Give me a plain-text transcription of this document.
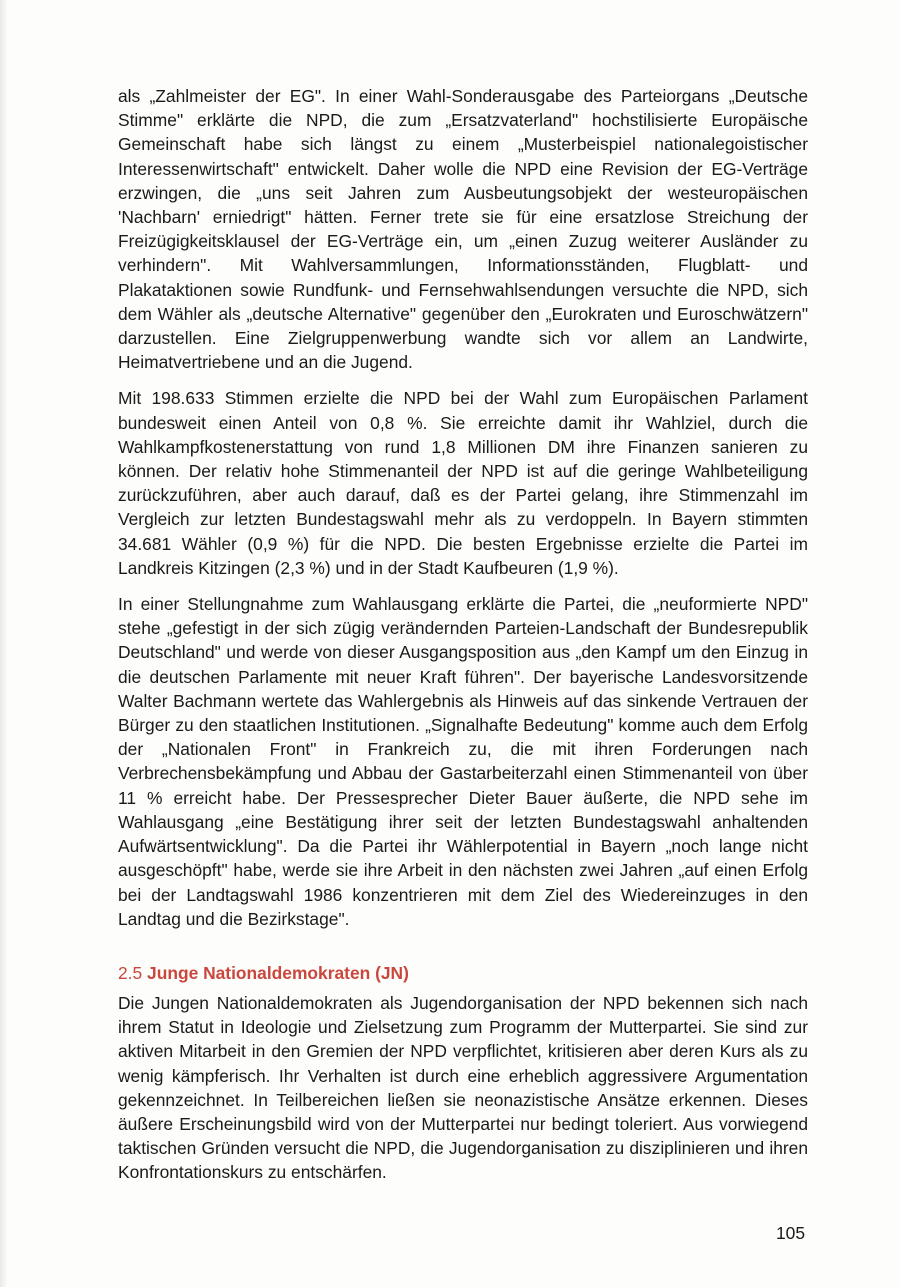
als „Zahlmeister der EG". In einer Wahl-Sonderausgabe des Parteiorgans „Deutsche Stimme" erklärte die NPD, die zum „Ersatzvaterland" hochstilisierte Europäische Gemeinschaft habe sich längst zu einem „Musterbeispiel nationalegoistischer Interessenwirtschaft" entwickelt. Daher wolle die NPD eine Revision der EG-Verträge erzwingen, die „uns seit Jahren zum Ausbeutungsobjekt der westeuropäischen 'Nachbarn' erniedrigt" hätten. Ferner trete sie für eine ersatzlose Streichung der Freizügigkeitsklausel der EG-Verträge ein, um „einen Zuzug weiterer Ausländer zu verhindern". Mit Wahlversammlungen, Informationsständen, Flugblatt- und Plakataktionen sowie Rundfunk- und Fernsehwahlsendungen versuchte die NPD, sich dem Wähler als „deutsche Alternative" gegenüber den „Eurokraten und Euroschwätzern" darzustellen. Eine Zielgruppenwerbung wandte sich vor allem an Landwirte, Heimatvertriebene und an die Jugend.

Mit 198.633 Stimmen erzielte die NPD bei der Wahl zum Europäischen Parlament bundesweit einen Anteil von 0,8 %. Sie erreichte damit ihr Wahlziel, durch die Wahlkampfkostenerstattung von rund 1,8 Millionen DM ihre Finanzen sanieren zu können. Der relativ hohe Stimmenanteil der NPD ist auf die geringe Wahlbeteiligung zurückzuführen, aber auch darauf, daß es der Partei gelang, ihre Stimmenzahl im Vergleich zur letzten Bundestagswahl mehr als zu verdoppeln. In Bayern stimmten 34.681 Wähler (0,9 %) für die NPD. Die besten Ergebnisse erzielte die Partei im Landkreis Kitzingen (2,3 %) und in der Stadt Kaufbeuren (1,9 %).

In einer Stellungnahme zum Wahlausgang erklärte die Partei, die „neuformierte NPD" stehe „gefestigt in der sich zügig verändernden Parteien-Landschaft der Bundesrepublik Deutschland" und werde von dieser Ausgangsposition aus „den Kampf um den Einzug in die deutschen Parlamente mit neuer Kraft führen". Der bayerische Landesvorsitzende Walter Bachmann wertete das Wahlergebnis als Hinweis auf das sinkende Vertrauen der Bürger zu den staatlichen Institutionen. „Signalhafte Bedeutung" komme auch dem Erfolg der „Nationalen Front" in Frankreich zu, die mit ihren Forderungen nach Verbrechensbekämpfung und Abbau der Gastarbeiterzahl einen Stimmenanteil von über 11 % erreicht habe. Der Pressesprecher Dieter Bauer äußerte, die NPD sehe im Wahlausgang „eine Bestätigung ihrer seit der letzten Bundestagswahl anhaltenden Aufwärtsentwicklung". Da die Partei ihr Wählerpotential in Bayern „noch lange nicht ausgeschöpft" habe, werde sie ihre Arbeit in den nächsten zwei Jahren „auf einen Erfolg bei der Landtagswahl 1986 konzentrieren mit dem Ziel des Wiedereinzuges in den Landtag und die Bezirkstage".

2.5 Junge Nationaldemokraten (JN)

Die Jungen Nationaldemokraten als Jugendorganisation der NPD bekennen sich nach ihrem Statut in Ideologie und Zielsetzung zum Programm der Mutterpartei. Sie sind zur aktiven Mitarbeit in den Gremien der NPD verpflichtet, kritisieren aber deren Kurs als zu wenig kämpferisch. Ihr Verhalten ist durch eine erheblich aggressivere Argumentation gekennzeichnet. In Teilbereichen ließen sie neonazistische Ansätze erkennen. Dieses äußere Erscheinungsbild wird von der Mutterpartei nur bedingt toleriert. Aus vorwiegend taktischen Gründen versucht die NPD, die Jugendorganisation zu disziplinieren und ihren Konfrontationskurs zu entschärfen.

105
